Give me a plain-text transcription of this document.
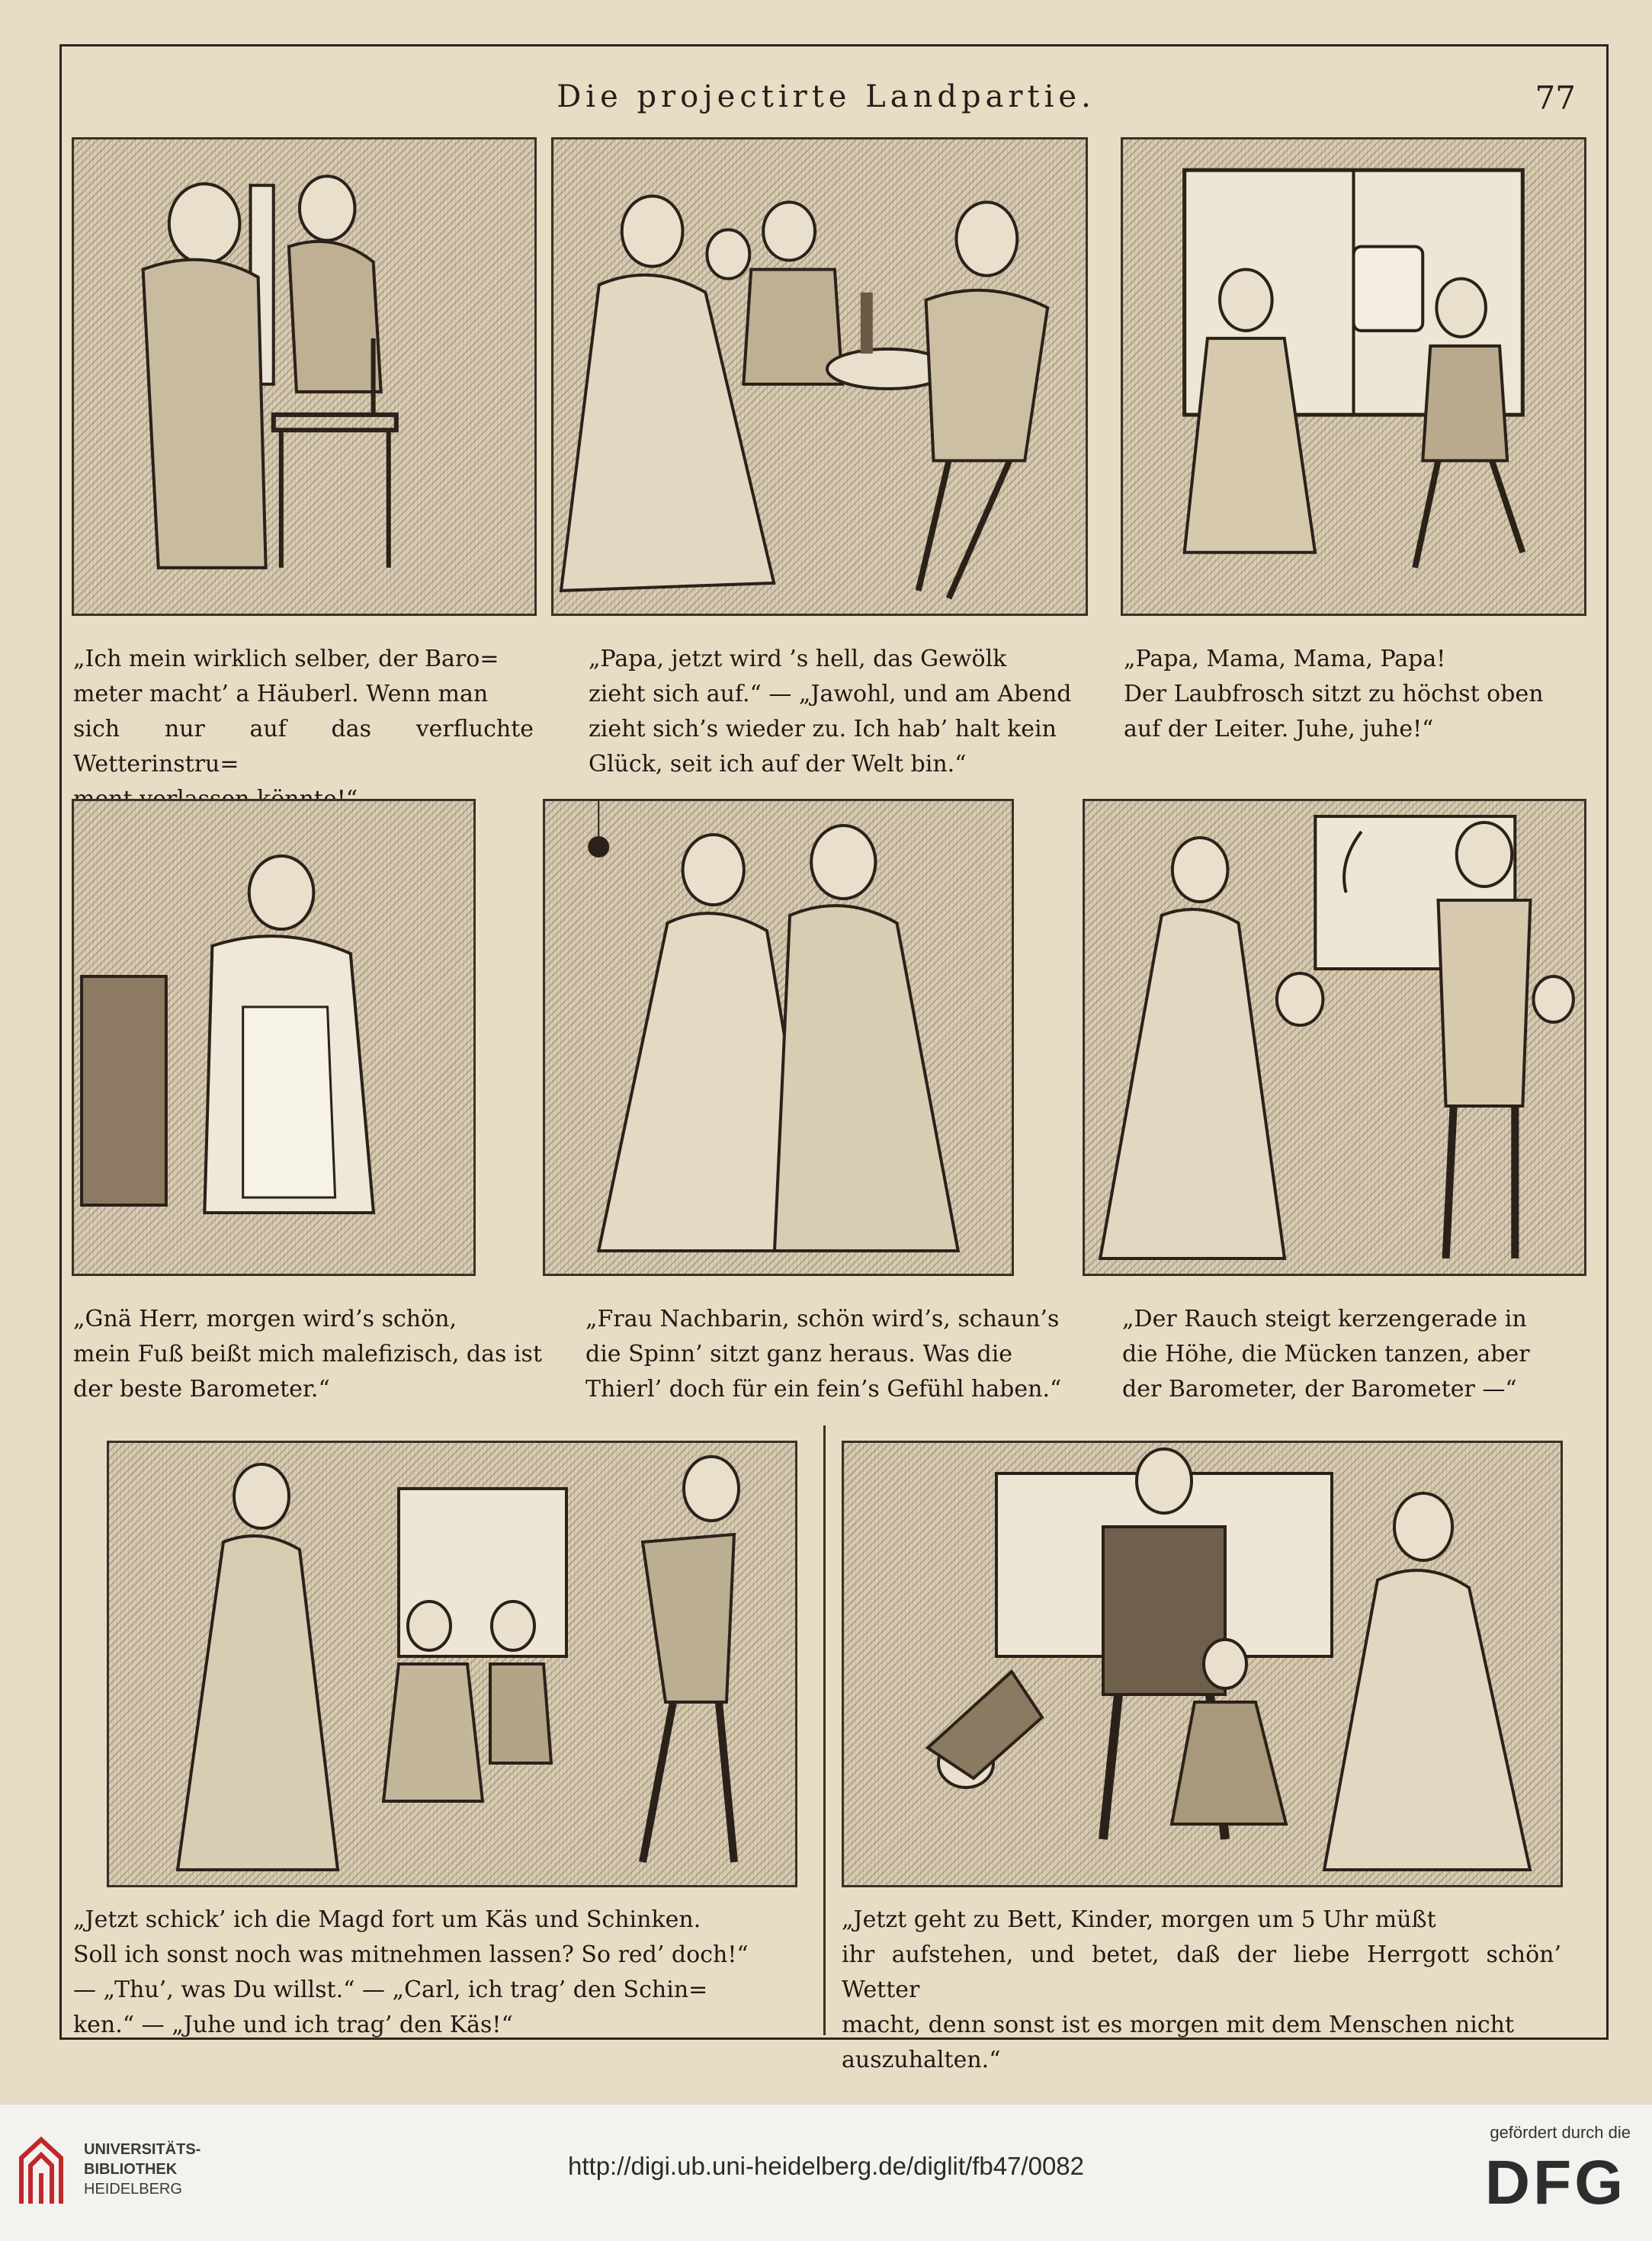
Die projectirte Landpartie.	77
„Ich mein wirklich selber, der Baro=
meter macht’ a Häuberl. Wenn man
sich nur auf das verfluchte Wetterinstru=

„Papa, jetzt wird ’s hell, das Gewölk
zieht sich auf.“ — „Jawohl, und am Abend
zieht sich’s wieder zu. Ich hab’ halt kein
Glück, seit ich auf der Welt bin.“
„Papa, Mama, Mama, Papa!
Der Laubfrosch sitzt zu höchst oben
auf der Leiter. Juhe, juhe!“
„Gnä Herr, morgen wird’s schön,
mein Fuß beißt mich malefizisch, das ist
der beste Barometer.“
„Frau Nachbarin, schön wird’s, schaun’s
die Spinn’ sitzt ganz heraus. Was die
Thierl’ doch für ein fein’s Gefühl haben.“
„Der Rauch steigt kerzengerade in
die Höhe, die Mücken tanzen, aber
der Barometer, der Barometer —“
„Jetzt schick’ ich die Magd fort um Käs und Schinken.
Soll ich sonst noch was mitnehmen lassen? So red’ doch!“
— „Thu’, was Du willst.“ — „Carl, ich trag’ den Schin=
ken.“ — „Juhe und ich trag’ den Käs!“
„Jetzt geht zu Bett, Kinder, morgen um 5 Uhr müßt
ihr aufstehen, und betet, daß der liebe Herrgott schön’ Wetter
macht, denn sonst ist es morgen mit dem Menschen nicht
auszuhalten.“
UNIVERSITÄTS-
BIBLIOTHEK
HEIDELBERG
http://digi.ub.uni-heidelberg.de/diglit/fb47/0082
gefördert durch die
DFG
